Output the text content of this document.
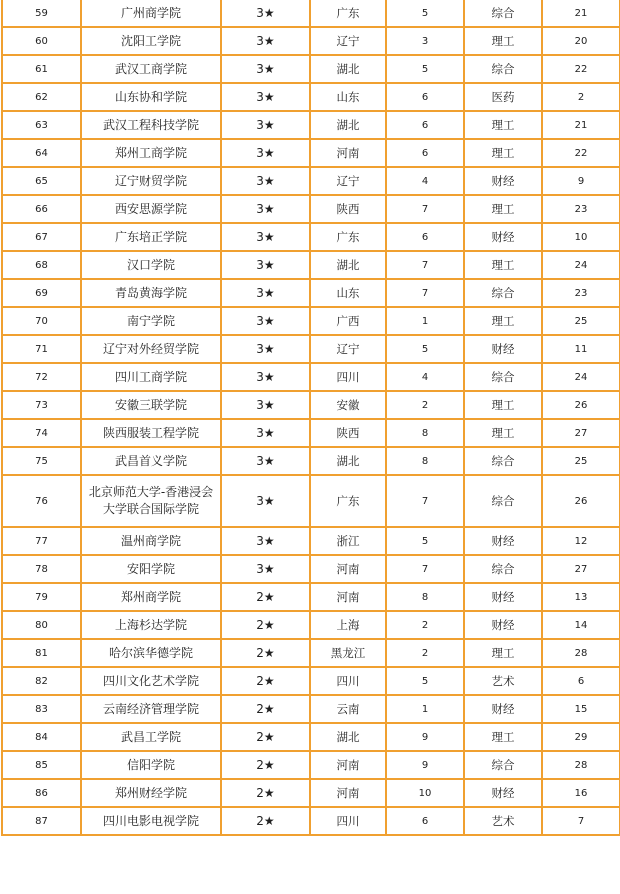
59	广州商学院	3★	广东	5	综合	21
60	沈阳工学院	3★	辽宁	3	理工	20
61	武汉工商学院	3★	湖北	5	综合	22
62	山东协和学院	3★	山东	6	医药	2
63	武汉工程科技学院	3★	湖北	6	理工	21
64	郑州工商学院	3★	河南	6	理工	22
65	辽宁财贸学院	3★	辽宁	4	财经	9
66	西安思源学院	3★	陕西	7	理工	23
67	广东培正学院	3★	广东	6	财经	10
68	汉口学院	3★	湖北	7	理工	24
69	青岛黄海学院	3★	山东	7	综合	23
70	南宁学院	3★	广西	1	理工	25
71	辽宁对外经贸学院	3★	辽宁	5	财经	11
72	四川工商学院	3★	四川	4	综合	24
73	安徽三联学院	3★	安徽	2	理工	26
74	陕西服装工程学院	3★	陕西	8	理工	27
75	武昌首义学院	3★	湖北	8	综合	25
76	北京师范大学-香港浸会大学联合国际学院	3★	广东	7	综合	26
77	温州商学院	3★	浙江	5	财经	12
78	安阳学院	3★	河南	7	综合	27
79	郑州商学院	2★	河南	8	财经	13
80	上海杉达学院	2★	上海	2	财经	14
81	哈尔滨华德学院	2★	黑龙江	2	理工	28
82	四川文化艺术学院	2★	四川	5	艺术	6
83	云南经济管理学院	2★	云南	1	财经	15
84	武昌工学院	2★	湖北	9	理工	29
85	信阳学院	2★	河南	9	综合	28
86	郑州财经学院	2★	河南	10	财经	16
87	四川电影电视学院	2★	四川	6	艺术	7
